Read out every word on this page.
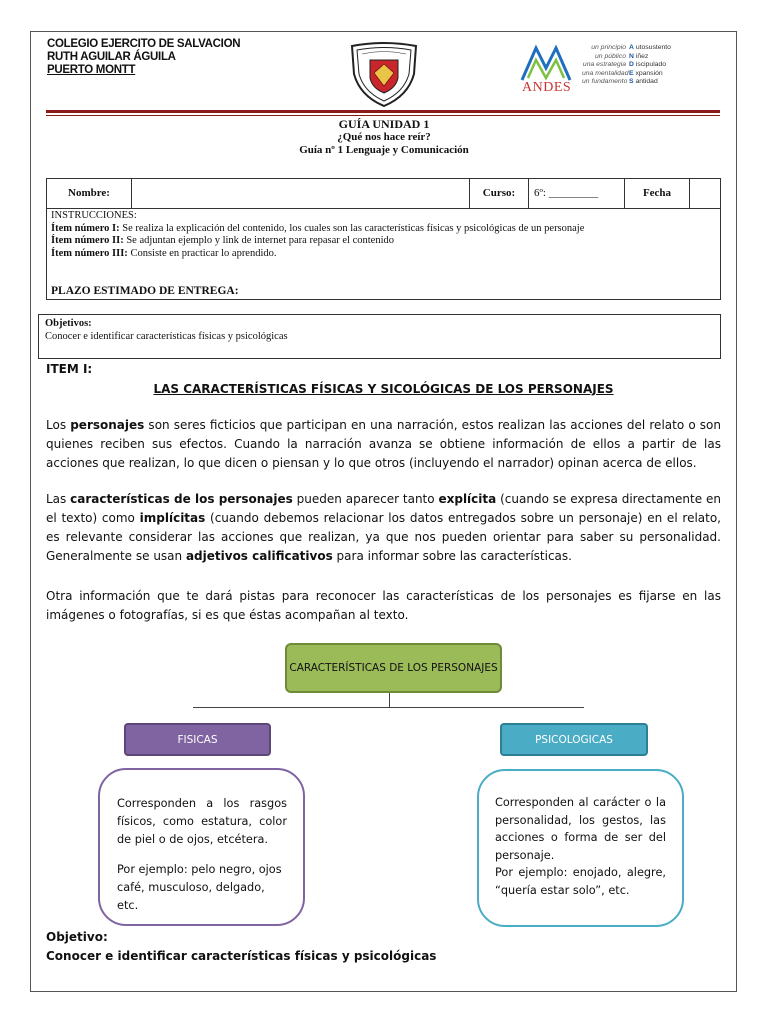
COLEGIO EJERCITO DE SALVACION
RUTH AGUILAR ÁGUILA
PUERTO MONTT
ANDES
un principio A utosustento
un público N iñez
una estrategia D iscipulado
una mentalidadE xpansión
un fundamento S antidad
GUÍA UNIDAD 1
¿Qué nos hace reír?
Guía nº 1 Lenguaje y Comunicación
Nombre:	Curso:	6º: _________	Fecha
INSTRUCCIONES:
Ítem número I: Se realiza la explicación del contenido, los cuales son las características físicas y psicológicas de un personaje
Ítem número II: Se adjuntan ejemplo y link de internet para repasar el contenido
Ítem número III: Consiste en practicar lo aprendido.
PLAZO ESTIMADO DE ENTREGA:
Objetivos:
Conocer e identificar características físicas y psicológicas
ITEM I:
LAS CARACTERÍSTICAS FÍSICAS Y SICOLÓGICAS DE LOS PERSONAJES
Los personajes son seres ficticios que participan en una narración, estos realizan las acciones del relato o son quienes reciben sus efectos. Cuando la narración avanza se obtiene información de ellos a partir de las acciones que realizan, lo que dicen o piensan y lo que otros (incluyendo el narrador) opinan acerca de ellos.
Las características de los personajes pueden aparecer tanto explícita (cuando se expresa directamente en el texto) como implícitas (cuando debemos relacionar los datos entregados sobre un personaje) en el relato, es relevante considerar las acciones que realizan, ya que nos pueden orientar para saber su personalidad. Generalmente se usan adjetivos calificativos para informar sobre las características.
Otra información que te dará pistas para reconocer las características de los personajes es fijarse en las imágenes o fotografías, si es que éstas acompañan al texto.
CARACTERÍSTICAS DE LOS PERSONAJES
FISICAS	PSICOLOGICAS

Corresponden a los rasgos físicos, como estatura, color de piel o de ojos, etcétera.

Por ejemplo: pelo negro, ojos café, musculoso, delgado, etc.

Corresponden al carácter o la personalidad, los gestos, las acciones o forma de ser del personaje.

Por ejemplo: enojado, alegre, “quería estar solo”, etc.

Objetivo:
Conocer e identificar características físicas y psicológicas
